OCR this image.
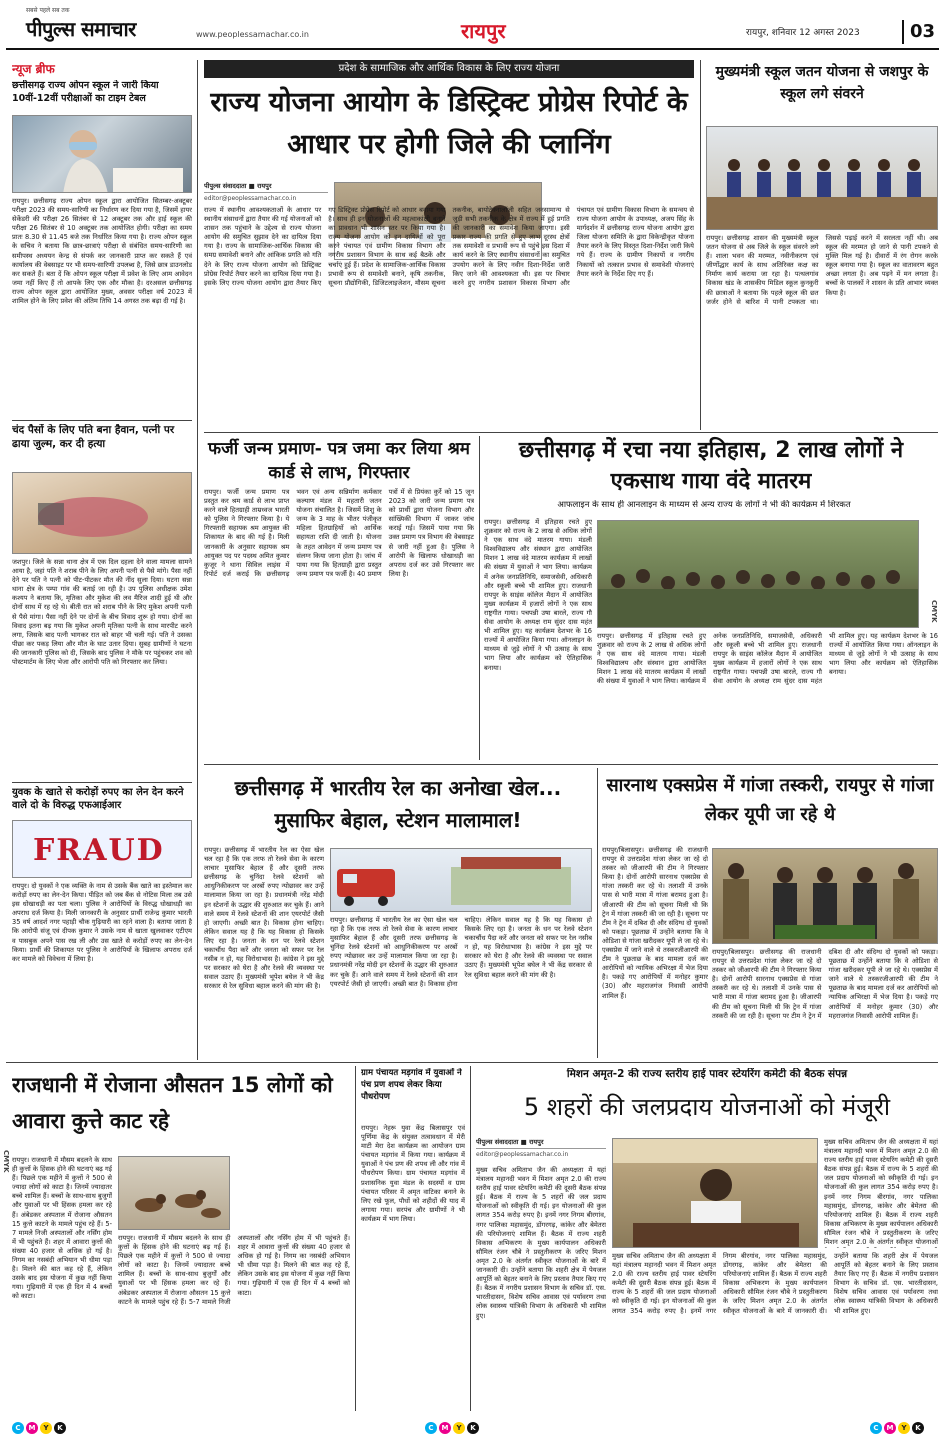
सबसे पहले सब तक
पीपुल्स समाचार	www.peoplessamachar.co.in	रायपुर	रायपुर, शनिवार 12 अगस्त 2023	03
न्यूज ब्रीफ
छत्तीसगढ़ राज्य ओपन स्कूल ने जारी किया 10वीं-12वीं परीक्षाओं का टाइम टेबल
रायपुर। छत्तीसगढ़ राज्य ओपन स्कूल द्वारा आयोजित सितम्बर-अक्टूबर परीक्षा 2023 की समय-सारिणी का निर्धारण कर दिया गया है, जिसमें हायर सेकेंडरी की परीक्षा 26 सितंबर से 12 अक्टूबर तक और हाई स्कूल की परीक्षा 26 सितंबर से 10 अक्टूबर तक आयोजित होगी। परीक्षा का समय प्रातः 8.30 से 11.45 बजे तक निर्धारित किया गया है। राज्य ओपन स्कूल के सचिव ने बताया कि छात्र-छात्राएं परीक्षा से संबंधित समय-सारिणी का समीपस्थ अध्ययन केन्द्र से संपर्क कर जानकारी प्राप्त कर सकते हैं एवं कार्यालय की वेबसाइट पर भी समय-सारिणी उपलब्ध है, जिसे छात्र डाउनलोड कर सकते हैं। बता दें कि ओपन स्कूल परीक्षा में प्रवेश के लिए आम आवेदन जमा नहीं किए हैं तो आपके लिए एक और मौका है। दरअसल छत्तीसगढ़ राज्य ओपन स्कूल द्वारा आयोजित मुख्य, अवसर परीक्षा वर्ष 2023 में शामिल होने के लिए प्रवेश की अंतिम तिथि 14 अगस्त तक बढ़ा दी गई है।
चंद पैसों के लिए पति बना हैवान, पत्नी पर ढाया जुल्म, कर दी हत्या
जशपुर। जिले के सन्ना थाना क्षेत्र में एक दिल दहला देने वाला मामला सामने आया है, जहां पति ने शराब पीने के लिए अपनी पत्नी से पैसे मांगे। पैसा नहीं देने पर पति ने पत्नी को पीट-पीटकर मौत की नींद सुला दिया। घटना सन्ना थाना क्षेत्र के पम्पा गांव की बताई जा रही है। उप पुलिस अधीक्षक उमेश कश्यप ने बताया कि, मृतिका और मुकेश की लव मैरिज शादी हुई थी और दोनों साथ में रह रहे थे। बीती रात को शराब पीने के लिए मुकेश अपनी पत्नी से पैसे मांगा। पैसा नहीं देने पर दोनों के बीच विवाद शुरू हो गया। दोनों का विवाद इतना बढ़ गया कि मुकेश अपनी मृतिका पत्नी के साथ मारपीट करने लगा, जिसके बाद पत्नी भागकर रात को बाहर भी चली गई। पति ने उसका पीछा कर पकड़ लिया और मौत के घाट उतार दिया। सुबह ग्रामीणों ने घटना की जानकारी पुलिस को दी, जिसके बाद पुलिस ने मौके पर पहुंचकर शव को पोस्टमार्टम के लिए भेजा और आरोपी पति को गिरफ्तार कर लिया।
युवक के खाते से करोड़ों रुपए का लेन देन करने वाले दो के विरुद्ध एफआईआर
FRAUD
रायपुर। दो युवकों ने एक व्यक्ति के नाम से उसके बैंक खाते का इस्तेमाल कर करोड़ों रुपए का लेन-देन किया। पीड़ित को जब बैंक से नोटिस मिला तब उसे इस धोखाधड़ी का पता चला। पुलिस ने आरोपियों के विरुद्ध धोखाधड़ी का अपराध दर्ज किया है। मिली जानकारी के अनुसार प्रार्थी राजेन्द्र कुमार भारती 35 वर्ष आदर्श नगर पहाड़ी चौक गुढ़ियारी का रहने वाला है। बताया जाता है कि आरोपी संजू एवं दीपक कुमार ने उसके नाम से खाता खुलवाकर एटीएम व पासबुक अपने पास रख ली और उस खाते से करोड़ों रुपए का लेन-देन किया। प्रार्थी की शिकायत पर पुलिस ने आरोपियों के खिलाफ अपराध दर्ज कर मामले को विवेचना में लिया है।
प्रदेश के सामाजिक और आर्थिक विकास के लिए राज्य योजना
राज्य योजना आयोग के डिस्ट्रिक्ट प्रोग्रेस रिपोर्ट के आधार पर होगी जिले की प्लानिंग
पीपुल्स संवाददाता ■ रायपुर
editor@peoplessamachar.co.in
राज्य में स्थानीय आवश्यकताओं के आधार पर स्थानीय संसाधनों द्वारा तैयार की गई योजनाओं को शासन तक पहुंचाने के उद्देश्य से राज्य योजना आयोग की समुचित सुझाव देने का दायित्व दिया गया है। राज्य के सामाजिक-आर्थिक विकास की समग्र समावेशी बनाने और आंकिक प्रगति को गति देने के लिए राज्य योजना आयोग को डिस्ट्रिक्ट प्रोग्रेस रिपोर्ट तैयार करने का दायित्व दिया गया है। इसके लिए राज्य योजना आयोग द्वारा तैयार किए गए डिस्ट्रिक्ट प्रोग्रेस रिपोर्ट को आधार बनाया गया है। साथ ही इन योजनाओं की महत्वाकांक्षी बनाने का प्रावधान भी शासन स्तर पर किया गया है। राज्य योजना आयोग को इन दायित्वों को पूरा करने पंचायत एवं ग्रामीण विकास विभाग और नगरीय प्रशासन विभाग के साथ कई बैठकें और चर्चाएं हुई हैं। प्रदेश के सामाजिक-आर्थिक विकास प्रभावी रूप से समावेशी बनाने, कृषि तकनीक, सूचना प्रौद्योगिकी, डिजिटलाइजेशन, मौसम सूचना तकनीक, बायोटेक्नालॉजी सहित जनसामान्य से जुड़ी सभी तकनीक के क्षेत्र में राज्य में हुई प्रगति की जानकारी का समावेश किया जाएगा। इसी प्रकार राज्य की प्रगति से हुए लाभ दूरस्थ क्षेत्रों तक समावेशी व प्रभावी रूप से पहुंचे इस दिशा में कार्य करने के लिए स्थानीय संसाधनों का समुचित उपयोग करने के लिए नवीन दिशा-निर्देश जारी किए जाने की आवश्यकता थी। इस पर विचार करने हुए नगरीय प्रशासन विकास विभाग और पंचायत एवं ग्रामीण विकास विभाग के समन्वय से राज्य योजना आयोग के उपाध्यक्ष, अजय सिंह के मार्गदर्शन में छत्तीसगढ़ राज्य योजना आयोग द्वारा जिला योजना समिति के द्वारा विकेन्द्रीकृत योजना तैयार करने के लिए विस्तृत दिशा-निर्देश जारी किये गये हैं। राज्य के ग्रामीण निकायों व नगरीय निकायों को तत्काल प्रभाव से समावेशी योजनाएं तैयार करने के निर्देश दिए गए हैं।
मुख्यमंत्री स्कूल जतन योजना से जशपुर के स्कूल लगे संवरने
रायपुर। छत्तीसगढ़ शासन की मुख्यमंत्री स्कूल जतन योजना से अब जिले के स्कूल संवरने लगे हैं। शाला भवन की मरम्मत, नवीनीकरण एवं जीर्णोद्धार कार्य के साथ अतिरिक्त कक्ष का निर्माण कार्य कराया जा रहा है। पत्थलगांव विकास खंड के शासकीय मिडिल स्कूल कुनकुरी की छात्राओं ने बताया कि पहले स्कूल की छत जर्जर होने से बारिश में पानी टपकता था। जिससे पढ़ाई करने में सरलता नहीं थी। अब स्कूल की मरम्मत हो जाने से पानी टपकने से मुक्ति मिल गई है। दीवारों में रंग रोगन करके स्कूल बनाया गया है। स्कूल का वातावरण बहुत अच्छा लगता है। अब पढ़ने में मन लगता है। बच्चों के पालकों ने शासन के प्रति आभार व्यक्त किया है।
फर्जी जन्म प्रमाण- पत्र जमा कर लिया श्रम कार्ड से लाभ, गिरफ्तार
रायपुर। फर्जी जन्म प्रमाण पत्र प्रस्तुत कर श्रम कार्ड से लाभ प्राप्त करने वाले हितग्राही ताम्रध्वज भारती को पुलिस ने गिरफ्तार किया है। ये गिरफ्तारी सहायक श्रम आयुक्त की शिकायत के बाद की गई है। मिली जानकारी के अनुसार सहायक श्रम आयुक्त पद पर पदस्थ अमित कुमार कुजूर ने थाना सिविल लाइंस में रिपोर्ट दर्ज कराई कि छत्तीसगढ़ भवन एवं अन्य सन्निर्माण कर्मकार कल्याण मंडल में महतारी जतन योजना संचालित है। जिसमें शिशु के जन्म के 3 माह के भीतर पंजीकृत महिला हितग्राहियों को आर्थिक सहायता राशि दी जाती है। योजना के तहत आवेदन में जन्म प्रमाण पत्र संलग्न किया जाना होता है। जांच में पाया गया कि हितग्राही द्वारा प्रस्तुत जन्म प्रमाण पत्र फर्जी है। 40 प्रमाण पत्रों में से प्रियंका कुर्रे को 15 जून 2023 को जारी जन्म प्रमाण पत्र को प्रार्थी द्वारा योजना विभाग और सांख्यिकी विभाग में जाकर जांच कराई गई। जिसमें पाया गया कि उक्त प्रमाण पत्र विभाग की वेबसाइट से जारी नहीं हुआ है। पुलिस ने आरोपी के खिलाफ धोखाधड़ी का अपराध दर्ज कर उसे गिरफ्तार कर लिया है।
छत्तीसगढ़ में रचा नया इतिहास, 2 लाख लोगों ने एकसाथ गाया वंदे मातरम
आफलाइन के साथ ही आनलाइन के माध्यम से अन्य राज्य के लोगों ने भी की कार्यक्रम में शिरकत
रायपुर। छत्तीसगढ़ में इतिहास रचते हुए शुक्रवार को राज्य के 2 लाख से अधिक लोगों ने एक साथ वंदे मातरम गाया। मंडली विश्वविद्यालय और संस्थान द्वारा आयोजित मिशन 1 लाख वंदे मातरम कार्यक्रम में लाखों की संख्या में युवाओं ने भाग लिया। कार्यक्रम में अनेक जनप्रतिनिधि, समाजसेवी, अधिकारी और स्कूली बच्चे भी शामिल हुए। राजधानी रायपुर के साइंस कॉलेज मैदान में आयोजित मुख्य कार्यक्रम में हजारों लोगों ने एक साथ राष्ट्रगीत गाया। पचपन्नी उषा बारले, राज्य गौ सेवा आयोग के अध्यक्ष राम सुंदर दास महंत भी शामिल हुए। यह कार्यक्रम देशभर के 16 राज्यों में आयोजित किया गया। ऑनलाइन के माध्यम से जुड़े लोगों ने भी उत्साह के साथ भाग लिया और कार्यक्रम को ऐतिहासिक बनाया।
CMYK
रायपुर। छत्तीसगढ़ में इतिहास रचते हुए शुक्रवार को राज्य के 2 लाख से अधिक लोगों ने एक साथ वंदे मातरम गाया। मंडली विश्वविद्यालय और संस्थान द्वारा आयोजित मिशन 1 लाख वंदे मातरम कार्यक्रम में लाखों की संख्या में युवाओं ने भाग लिया। कार्यक्रम में अनेक जनप्रतिनिधि, समाजसेवी, अधिकारी और स्कूली बच्चे भी शामिल हुए। राजधानी रायपुर के साइंस कॉलेज मैदान में आयोजित मुख्य कार्यक्रम में हजारों लोगों ने एक साथ राष्ट्रगीत गाया। पचपन्नी उषा बारले, राज्य गौ सेवा आयोग के अध्यक्ष राम सुंदर दास महंत भी शामिल हुए। यह कार्यक्रम देशभर के 16 राज्यों में आयोजित किया गया। ऑनलाइन के माध्यम से जुड़े लोगों ने भी उत्साह के साथ भाग लिया और कार्यक्रम को ऐतिहासिक बनाया।
छत्तीसगढ़ में भारतीय रेल का अनोखा खेल... मुसाफिर बेहाल, स्टेशन मालामाल!
रायपुर। छत्तीसगढ़ में भारतीय रेल का ऐसा खेल चल रहा है कि एक तरफ तो रेलवे सेवा के कारण लाचार मुसाफिर बेहाल हैं और दूसरी तरफ छत्तीसगढ़ के चुनिंदा रेलवे स्टेशनों को आधुनिकीकरण पर अरबों रुपए न्योछावर कर उन्हें मालामाल किया जा रहा है। प्रधानमंत्री नरेंद्र मोदी इन स्टेशनों के उद्धार की शुरुआत कर चुके हैं। आने वाले समय में रेलवे स्टेशनों की शान एयरपोर्ट जैसी हो जाएगी। अच्छी बात है। विकास होना चाहिए। लेकिन सवाल यह है कि यह विकास हो किसके लिए रहा है। जनता के धन पर रेलवे स्टेशन चकाचौंध पैदा करें और जनता को सफर पर रेल नसीब न हो, यह विरोधाभास है। कांग्रेस ने इस मुद्दे पर सरकार को घेरा है और रेलवे की व्यवस्था पर सवाल उठाए हैं। मुख्यमंत्री भूपेश बघेल ने भी केंद्र सरकार से रेल सुविधा बहाल करने की मांग की है।
रायपुर। छत्तीसगढ़ में भारतीय रेल का ऐसा खेल चल रहा है कि एक तरफ तो रेलवे सेवा के कारण लाचार मुसाफिर बेहाल हैं और दूसरी तरफ छत्तीसगढ़ के चुनिंदा रेलवे स्टेशनों को आधुनिकीकरण पर अरबों रुपए न्योछावर कर उन्हें मालामाल किया जा रहा है। प्रधानमंत्री नरेंद्र मोदी इन स्टेशनों के उद्धार की शुरुआत कर चुके हैं। आने वाले समय में रेलवे स्टेशनों की शान एयरपोर्ट जैसी हो जाएगी। अच्छी बात है। विकास होना चाहिए। लेकिन सवाल यह है कि यह विकास हो किसके लिए रहा है। जनता के धन पर रेलवे स्टेशन चकाचौंध पैदा करें और जनता को सफर पर रेल नसीब न हो, यह विरोधाभास है। कांग्रेस ने इस मुद्दे पर सरकार को घेरा है और रेलवे की व्यवस्था पर सवाल उठाए हैं। मुख्यमंत्री भूपेश बघेल ने भी केंद्र सरकार से रेल सुविधा बहाल करने की मांग की है।
सारनाथ एक्सप्रेस में गांजा तस्करी, रायपुर से गांजा लेकर यूपी जा रहे थे
रायपुर/बिलासपुर। छत्तीसगढ़ की राजधानी रायपुर से उत्तरप्रदेश गांजा लेकर जा रहे दो तस्कर को जीआरपी की टीम ने गिरफ्तार किया है। दोनों आरोपी सारनाथ एक्सप्रेस से गांजा तस्करी कर रहे थे। तलाशी में उनके पास से भारी मात्रा में गांजा बरामद हुआ है। जीआरपी की टीम को सूचना मिली थी कि ट्रेन में गांजा तस्करी की जा रही है। सूचना पर टीम ने ट्रेन में दबिश दी और संदिग्ध दो युवकों को पकड़ा। पूछताछ में उन्होंने बताया कि वे ओडिशा से गांजा खरीदकर यूपी ले जा रहे थे। एक्सप्रेस में जाने वाले थे तस्करजीआरपी की टीम ने पूछताछ के बाद मामला दर्ज कर आरोपियों को न्यायिक अभिरक्षा में भेज दिया है। पकड़े गए आरोपियों में मनोहर कुमार (30) और महराजगंज निवासी आरोपी शामिल हैं।
रायपुर/बिलासपुर। छत्तीसगढ़ की राजधानी रायपुर से उत्तरप्रदेश गांजा लेकर जा रहे दो तस्कर को जीआरपी की टीम ने गिरफ्तार किया है। दोनों आरोपी सारनाथ एक्सप्रेस से गांजा तस्करी कर रहे थे। तलाशी में उनके पास से भारी मात्रा में गांजा बरामद हुआ है। जीआरपी की टीम को सूचना मिली थी कि ट्रेन में गांजा तस्करी की जा रही है। सूचना पर टीम ने ट्रेन में दबिश दी और संदिग्ध दो युवकों को पकड़ा। पूछताछ में उन्होंने बताया कि वे ओडिशा से गांजा खरीदकर यूपी ले जा रहे थे। एक्सप्रेस में जाने वाले थे तस्करजीआरपी की टीम ने पूछताछ के बाद मामला दर्ज कर आरोपियों को न्यायिक अभिरक्षा में भेज दिया है। पकड़े गए आरोपियों में मनोहर कुमार (30) और महराजगंज निवासी आरोपी शामिल हैं।
राजधानी में रोजाना औसतन 15 लोगों को आवारा कुत्ते काट रहे
CMYK रायपुर। राजधानी में मौसम बदलने के साथ ही कुत्तों के हिंसक होने की घटनाएं बढ़ गई हैं। पिछले एक महीने में कुत्तों ने 500 से ज्यादा लोगों को काटा है। जिनमें ज्यादातर बच्चे शामिल हैं। बच्चों के साथ-साथ बुजुर्गों और युवाओं पर भी हिंसक हमला कर रहे हैं। अंबेडकर अस्पताल में रोजाना औसतन 15 कुत्ते काटने के मामले पहुंच रहे हैं। 5-7 मामले निजी अस्पतालों और नर्सिंग होम में भी पहुंचते हैं। शहर में आवारा कुत्तों की संख्या 40 हजार से अधिक हो गई है। निगम का नसबंदी अभियान भी धीमा पड़ा है। मिलने की बात कह रहे हैं, लेकिन उसके बाद इस योजना में कुछ नहीं किया गया। गुढ़ियारी में एक ही दिन में 4 बच्चों को काटा।
रायपुर। राजधानी में मौसम बदलने के साथ ही कुत्तों के हिंसक होने की घटनाएं बढ़ गई हैं। पिछले एक महीने में कुत्तों ने 500 से ज्यादा लोगों को काटा है। जिनमें ज्यादातर बच्चे शामिल हैं। बच्चों के साथ-साथ बुजुर्गों और युवाओं पर भी हिंसक हमला कर रहे हैं। अंबेडकर अस्पताल में रोजाना औसतन 15 कुत्ते काटने के मामले पहुंच रहे हैं। 5-7 मामले निजी अस्पतालों और नर्सिंग होम में भी पहुंचते हैं। शहर में आवारा कुत्तों की संख्या 40 हजार से अधिक हो गई है। निगम का नसबंदी अभियान भी धीमा पड़ा है। मिलने की बात कह रहे हैं, लेकिन उसके बाद इस योजना में कुछ नहीं किया गया। गुढ़ियारी में एक ही दिन में 4 बच्चों को काटा।
ग्राम पंचायत मड़गांव में युवाओं ने पंच प्रण शपथ लेकर किया पौधरोपण
रायपुर। नेहरू युवा केंद्र बिलासपुर एवं पूर्णिमा केंद्र के संयुक्त तत्वावधान में मेरी माटी मेरा देश कार्यक्रम का आयोजन ग्राम पंचायत मड़गांव में किया गया। कार्यक्रम में युवाओं ने पंच प्रण की शपथ ली और गांव में पौधरोपण किया। ग्राम पंचायत मड़गांव में प्रशासनिक युवा मंडल के सदस्यों व ग्राम पंचायत परिसर में अमृत वाटिका बनाने के लिए रखे फूल, पौधों को शहीदों की याद में लगाया गया। सरपंच और ग्रामीणों ने भी कार्यक्रम में भाग लिया।
मिशन अमृत-2 की राज्य स्तरीय हाई पावर स्टेयरिंग कमेटी की बैठक संपन्न
5 शहरों की जलप्रदाय योजनाओं को मंजूरी
पीपुल्स संवाददाता ■ रायपुर
editor@peoplessamachar.co.in
मुख्य सचिव अमिताभ जैन की अध्यक्षता में यहां मंत्रालय महानदी भवन में मिशन अमृत 2.0 की राज्य स्तरीय हाई पावर स्टेयरिंग कमेटी की दूसरी बैठक संपन्न हुई। बैठक में राज्य के 5 शहरों की जल प्रदाय योजनाओं को स्वीकृति दी गई। इन योजनाओं की कुल लागत 354 करोड़ रुपए है। इनमें नगर निगम बीरगांव, नगर पालिका महासमुंद, डोंगरगढ़, कांकेर और बेमेतरा की परियोजनाएं शामिल हैं। बैठक में राज्य शहरी विकास अभिकरण के मुख्य कार्यपालन अधिकारी सौमिल रंजन चौबे ने प्रस्तुतीकरण के जरिए मिशन अमृत 2.0 के अंतर्गत स्वीकृत योजनाओं के बारे में जानकारी दी। उन्होंने बताया कि शहरी क्षेत्र में पेयजल आपूर्ति को बेहतर बनाने के लिए प्रस्ताव तैयार किए गए हैं। बैठक में नगरीय प्रशासन विभाग के सचिव डॉ. एस. भारतीदासन, विशेष सचिव आवास एवं पर्यावरण तथा लोक स्वास्थ्य यांत्रिकी विभाग के अधिकारी भी शामिल हुए।
मुख्य सचिव अमिताभ जैन की अध्यक्षता में यहां मंत्रालय महानदी भवन में मिशन अमृत 2.0 की राज्य स्तरीय हाई पावर स्टेयरिंग कमेटी की दूसरी बैठक संपन्न हुई। बैठक में राज्य के 5 शहरों की जल प्रदाय योजनाओं को स्वीकृति दी गई। इन योजनाओं की कुल लागत 354 करोड़ रुपए है। इनमें नगर निगम बीरगांव, नगर पालिका महासमुंद, डोंगरगढ़, कांकेर और बेमेतरा की परियोजनाएं शामिल हैं। बैठक में राज्य शहरी विकास अभिकरण के मुख्य कार्यपालन अधिकारी सौमिल रंजन चौबे ने प्रस्तुतीकरण के जरिए मिशन अमृत 2.0 के अंतर्गत स्वीकृत योजनाओं के बारे में जानकारी दी। उन्होंने बताया कि शहरी क्षेत्र में पेयजल आपूर्ति को बेहतर बनाने के लिए प्रस्ताव तैयार किए गए हैं। बैठक में नगरीय प्रशासन विभाग के सचिव डॉ. एस. भारतीदासन, विशेष सचिव आवास एवं पर्यावरण तथा लोक स्वास्थ्य यांत्रिकी विभाग के अधिकारी भी शामिल हुए।
मुख्य सचिव अमिताभ जैन की अध्यक्षता में यहां मंत्रालय महानदी भवन में मिशन अमृत 2.0 की राज्य स्तरीय हाई पावर स्टेयरिंग कमेटी की दूसरी बैठक संपन्न हुई। बैठक में राज्य के 5 शहरों की जल प्रदाय योजनाओं को स्वीकृति दी गई। इन योजनाओं की कुल लागत 354 करोड़ रुपए है। इनमें नगर निगम बीरगांव, नगर पालिका महासमुंद, डोंगरगढ़, कांकेर और बेमेतरा की परियोजनाएं शामिल हैं। बैठक में राज्य शहरी विकास अभिकरण के मुख्य कार्यपालन अधिकारी सौमिल रंजन चौबे ने प्रस्तुतीकरण के जरिए मिशन अमृत 2.0 के अंतर्गत स्वीकृत योजनाओं
C	M	Y	K	C	M	Y	K	C	M	Y	K
